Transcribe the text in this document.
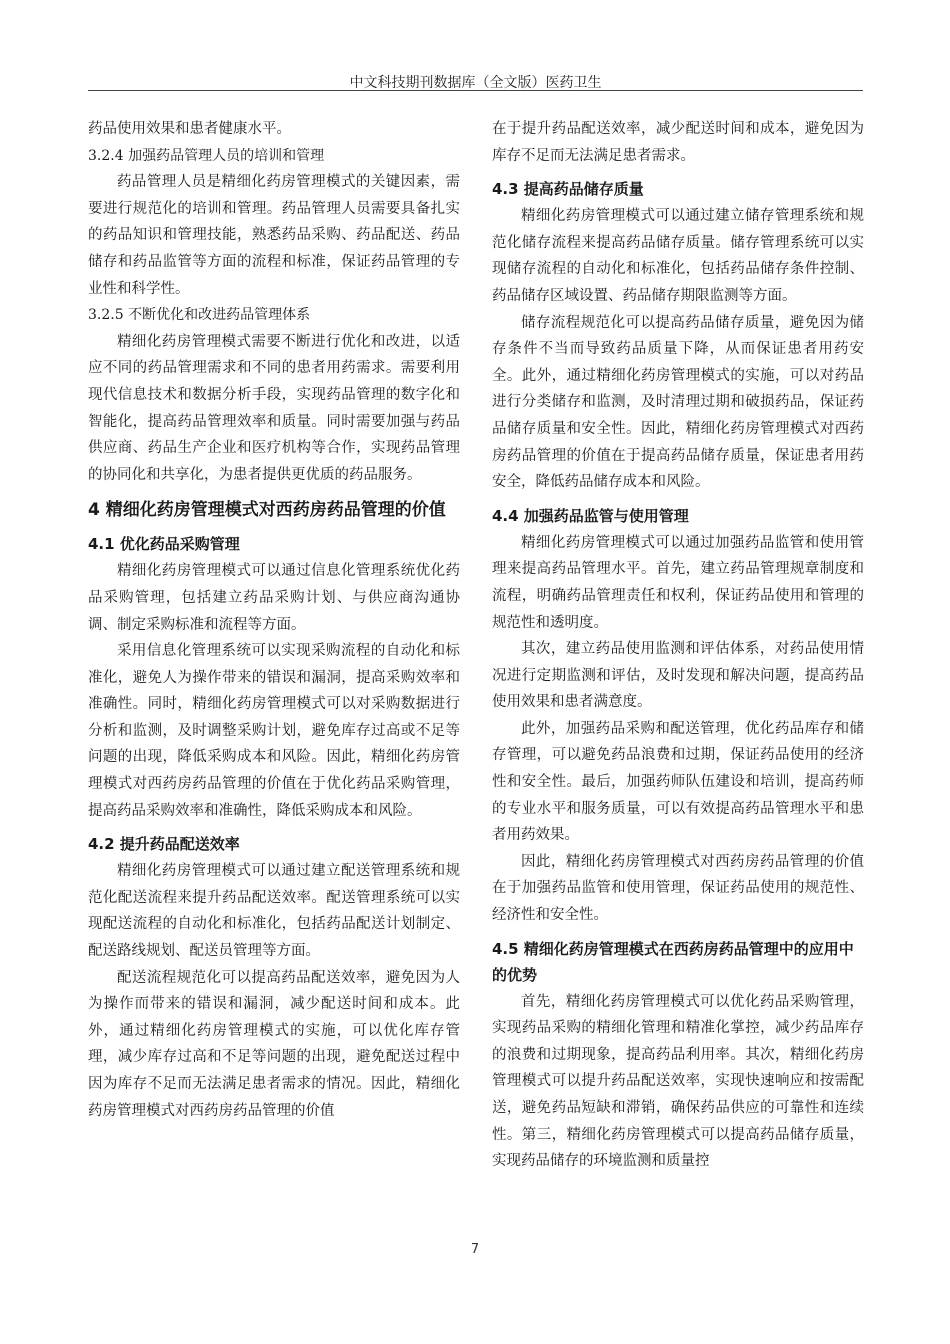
中文科技期刊数据库（全文版）医药卫生

药品使用效果和患者健康水平。

3.2.4 加强药品管理人员的培训和管理

药品管理人员是精细化药房管理模式的关键因素，需要进行规范化的培训和管理。药品管理人员需要具备扎实的药品知识和管理技能，熟悉药品采购、药品配送、药品储存和药品监管等方面的流程和标准，保证药品管理的专业性和科学性。

3.2.5 不断优化和改进药品管理体系

精细化药房管理模式需要不断进行优化和改进，以适应不同的药品管理需求和不同的患者用药需求。需要利用现代信息技术和数据分析手段，实现药品管理的数字化和智能化，提高药品管理效率和质量。同时需要加强与药品供应商、药品生产企业和医疗机构等合作，实现药品管理的协同化和共享化，为患者提供更优质的药品服务。

4 精细化药房管理模式对西药房药品管理的价值

4.1 优化药品采购管理

精细化药房管理模式可以通过信息化管理系统优化药品采购管理，包括建立药品采购计划、与供应商沟通协调、制定采购标准和流程等方面。

采用信息化管理系统可以实现采购流程的自动化和标准化，避免人为操作带来的错误和漏洞，提高采购效率和准确性。同时，精细化药房管理模式可以对采购数据进行分析和监测，及时调整采购计划，避免库存过高或不足等问题的出现，降低采购成本和风险。因此，精细化药房管理模式对西药房药品管理的价值在于优化药品采购管理，提高药品采购效率和准确性，降低采购成本和风险。

4.2 提升药品配送效率

精细化药房管理模式可以通过建立配送管理系统和规范化配送流程来提升药品配送效率。配送管理系统可以实现配送流程的自动化和标准化，包括药品配送计划制定、配送路线规划、配送员管理等方面。

配送流程规范化可以提高药品配送效率，避免因为人为操作而带来的错误和漏洞，减少配送时间和成本。此外，通过精细化药房管理模式的实施，可以优化库存管理，减少库存过高和不足等问题的出现，避免配送过程中因为库存不足而无法满足患者需求的情况。因此，精细化药房管理模式对西药房药品管理的价值

在于提升药品配送效率，减少配送时间和成本，避免因为库存不足而无法满足患者需求。

4.3 提高药品储存质量

精细化药房管理模式可以通过建立储存管理系统和规范化储存流程来提高药品储存质量。储存管理系统可以实现储存流程的自动化和标准化，包括药品储存条件控制、药品储存区域设置、药品储存期限监测等方面。

储存流程规范化可以提高药品储存质量，避免因为储存条件不当而导致药品质量下降，从而保证患者用药安全。此外，通过精细化药房管理模式的实施，可以对药品进行分类储存和监测，及时清理过期和破损药品，保证药品储存质量和安全性。因此，精细化药房管理模式对西药房药品管理的价值在于提高药品储存质量，保证患者用药安全，降低药品储存成本和风险。

4.4 加强药品监管与使用管理

精细化药房管理模式可以通过加强药品监管和使用管理来提高药品管理水平。首先，建立药品管理规章制度和流程，明确药品管理责任和权利，保证药品使用和管理的规范性和透明度。

其次，建立药品使用监测和评估体系，对药品使用情况进行定期监测和评估，及时发现和解决问题，提高药品使用效果和患者满意度。

此外，加强药品采购和配送管理，优化药品库存和储存管理，可以避免药品浪费和过期，保证药品使用的经济性和安全性。最后，加强药师队伍建设和培训，提高药师的专业水平和服务质量，可以有效提高药品管理水平和患者用药效果。

因此，精细化药房管理模式对西药房药品管理的价值在于加强药品监管和使用管理，保证药品使用的规范性、经济性和安全性。

4.5 精细化药房管理模式在西药房药品管理中的应用中的优势

首先，精细化药房管理模式可以优化药品采购管理，实现药品采购的精细化管理和精准化掌控，减少药品库存的浪费和过期现象，提高药品利用率。其次，精细化药房管理模式可以提升药品配送效率，实现快速响应和按需配送，避免药品短缺和滞销，确保药品供应的可靠性和连续性。第三，精细化药房管理模式可以提高药品储存质量，实现药品储存的环境监测和质量控

7
